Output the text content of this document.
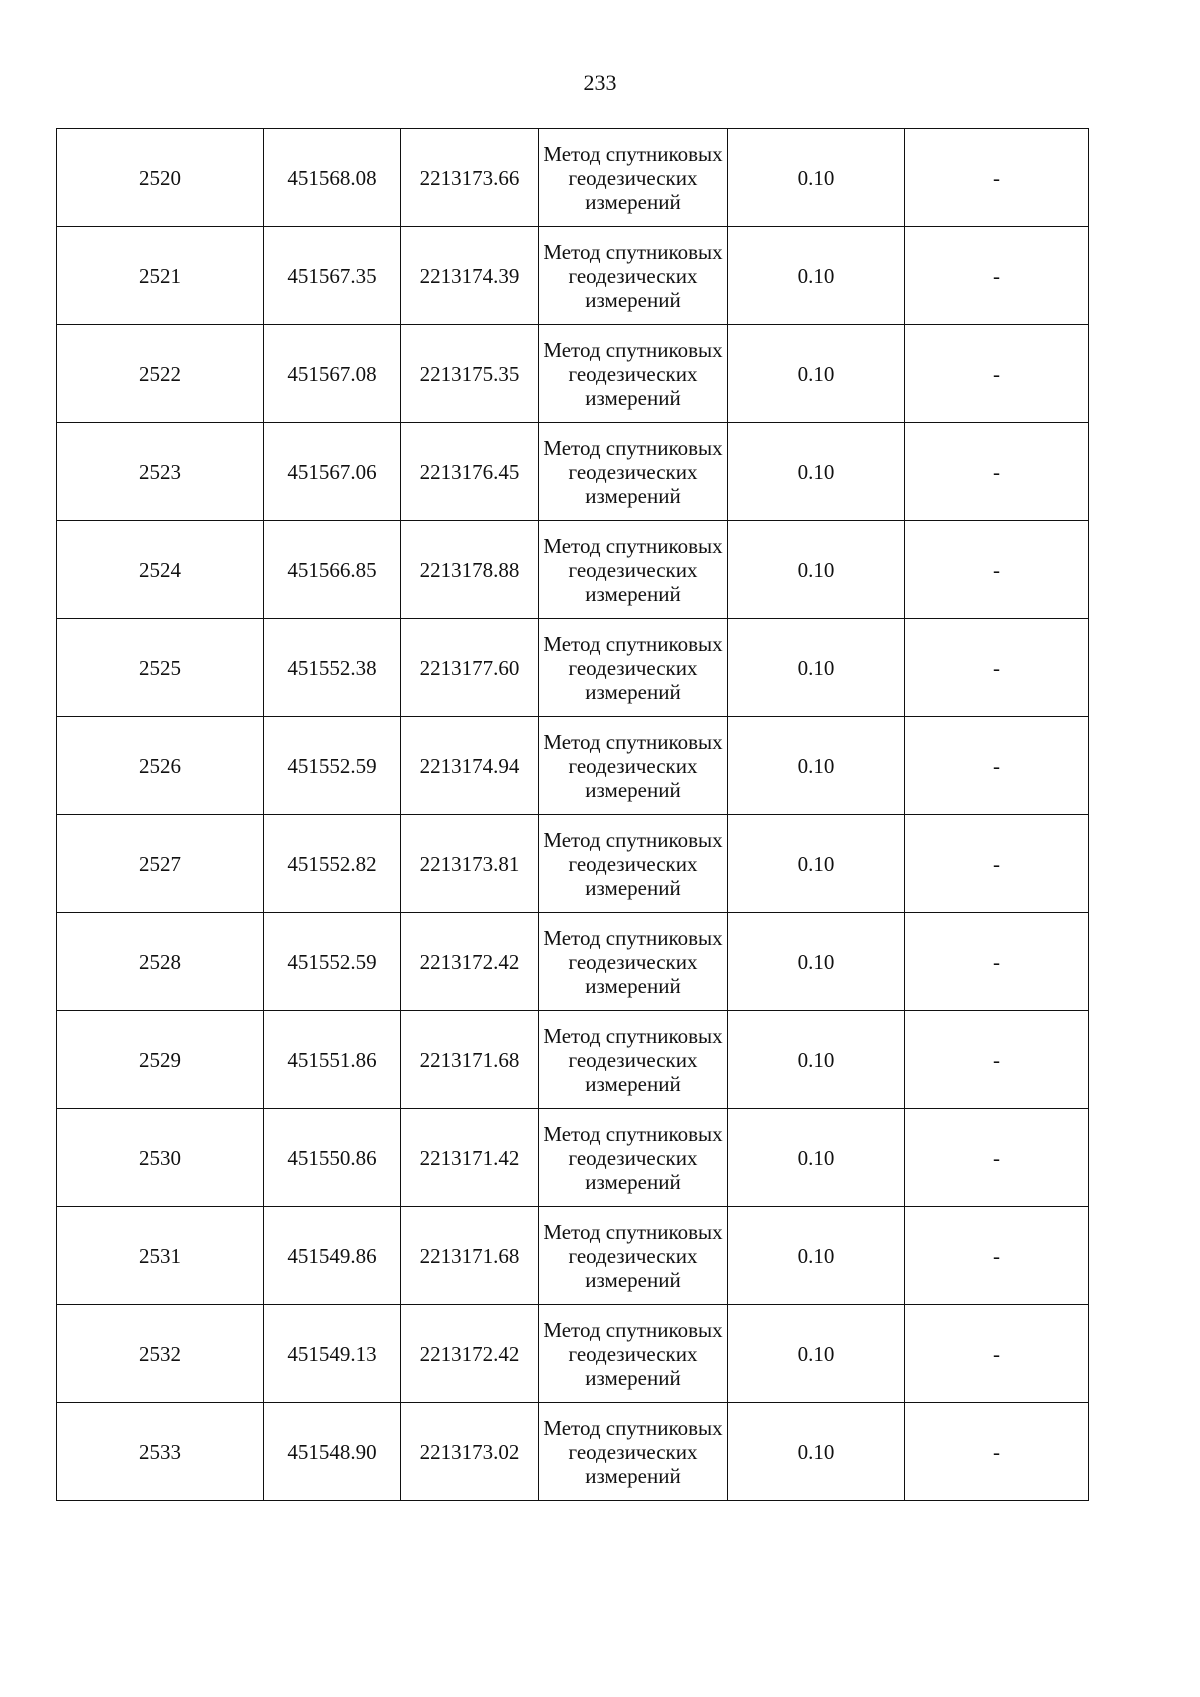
233
2520	451568.08	2213173.66	Метод спутниковых геодезических измерений	0.10	-
2521	451567.35	2213174.39	Метод спутниковых геодезических измерений	0.10	-
2522	451567.08	2213175.35	Метод спутниковых геодезических измерений	0.10	-
2523	451567.06	2213176.45	Метод спутниковых геодезических измерений	0.10	-
2524	451566.85	2213178.88	Метод спутниковых геодезических измерений	0.10	-
2525	451552.38	2213177.60	Метод спутниковых геодезических измерений	0.10	-
2526	451552.59	2213174.94	Метод спутниковых геодезических измерений	0.10	-
2527	451552.82	2213173.81	Метод спутниковых геодезических измерений	0.10	-
2528	451552.59	2213172.42	Метод спутниковых геодезических измерений	0.10	-
2529	451551.86	2213171.68	Метод спутниковых геодезических измерений	0.10	-
2530	451550.86	2213171.42	Метод спутниковых геодезических измерений	0.10	-
2531	451549.86	2213171.68	Метод спутниковых геодезических измерений	0.10	-
2532	451549.13	2213172.42	Метод спутниковых геодезических измерений	0.10	-
2533	451548.90	2213173.02	Метод спутниковых геодезических измерений	0.10	-
